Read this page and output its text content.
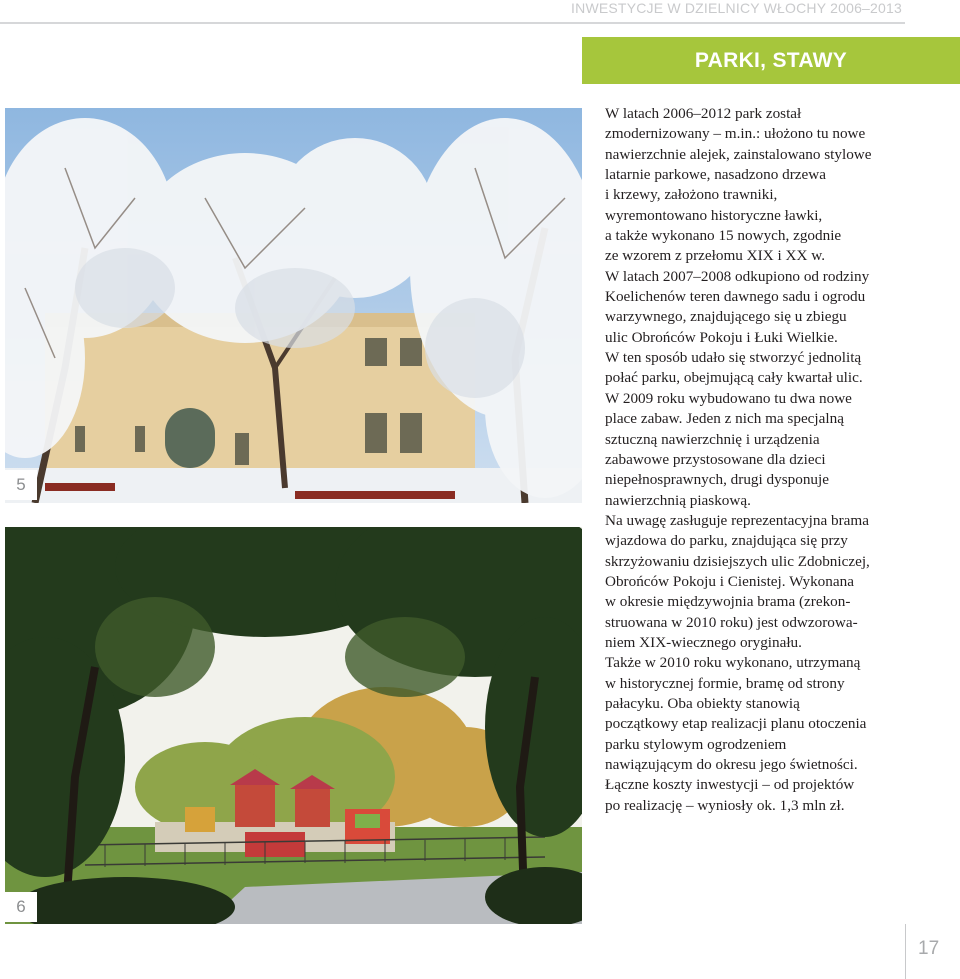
INWESTYCJE W DZIELNICY WŁOCHY 2006–2013
PARKI, STAWY
5
6

W latach 2006–2012 park został

zmodernizowany – m.in.: ułożono tu nowe

nawierzchnie alejek, zainstalowano stylowe

latarnie parkowe, nasadzono drzewa

i krzewy, założono trawniki,

wyremontowano historyczne ławki,

a także wykonano 15 nowych, zgodnie

ze wzorem z przełomu XIX i XX w.

W latach 2007–2008 odkupiono od rodziny

Koelichenów teren dawnego sadu i ogrodu

warzywnego, znajdującego się u zbiegu

ulic Obrońców Pokoju i Łuki Wielkie.

W ten sposób udało się stworzyć jednolitą

połać parku, obejmującą cały kwartał ulic.

W 2009 roku wybudowano tu dwa nowe

place zabaw. Jeden z nich ma specjalną

sztuczną nawierzchnię i urządzenia

zabawowe przystosowane dla dzieci

niepełnosprawnych, drugi dysponuje

nawierzchnią piaskową.

Na uwagę zasługuje reprezentacyjna brama

wjazdowa do parku, znajdująca się przy

skrzyżowaniu dzisiejszych ulic Zdobniczej,

Obrońców Pokoju i Cienistej. Wykonana

w okresie międzywojnia brama (zrekon-

struowana w 2010 roku) jest odwzorowa-

niem XIX-wiecznego oryginału.

Także w 2010 roku wykonano, utrzymaną

w historycznej formie, bramę od strony

pałacyku. Oba obiekty stanowią

początkowy etap realizacji planu otoczenia

parku stylowym ogrodzeniem

nawiązującym do okresu jego świetności.

Łączne koszty inwestycji – od projektów

po realizację – wyniosły ok. 1,3 mln zł.

17
